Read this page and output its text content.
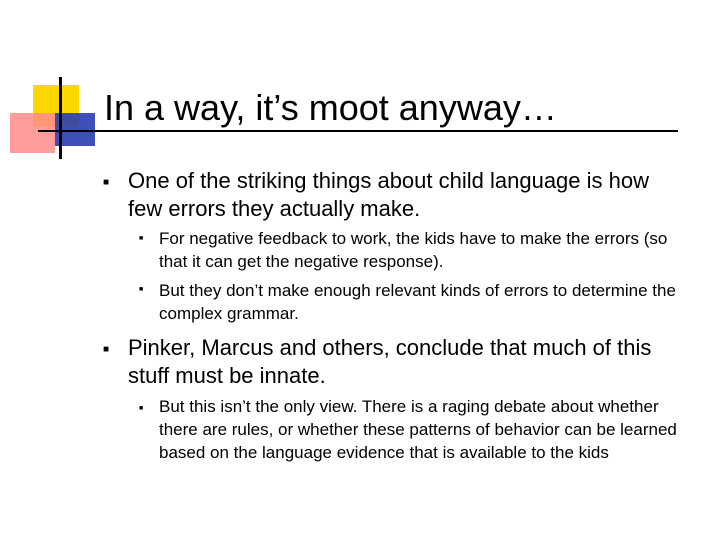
In a way, it’s moot anyway…
■ One of the striking things about child language is how few errors they actually make.
■ For negative feedback to work, the kids have to make the errors (so that it can get the negative response).
■ But they don’t make enough relevant kinds of errors to determine the complex grammar.
■ Pinker, Marcus and others, conclude that much of this stuff must be innate.
■ But this isn’t the only view. There is a raging debate about whether there are rules, or whether these patterns of behavior can be learned based on the language evidence that is available to the kids
